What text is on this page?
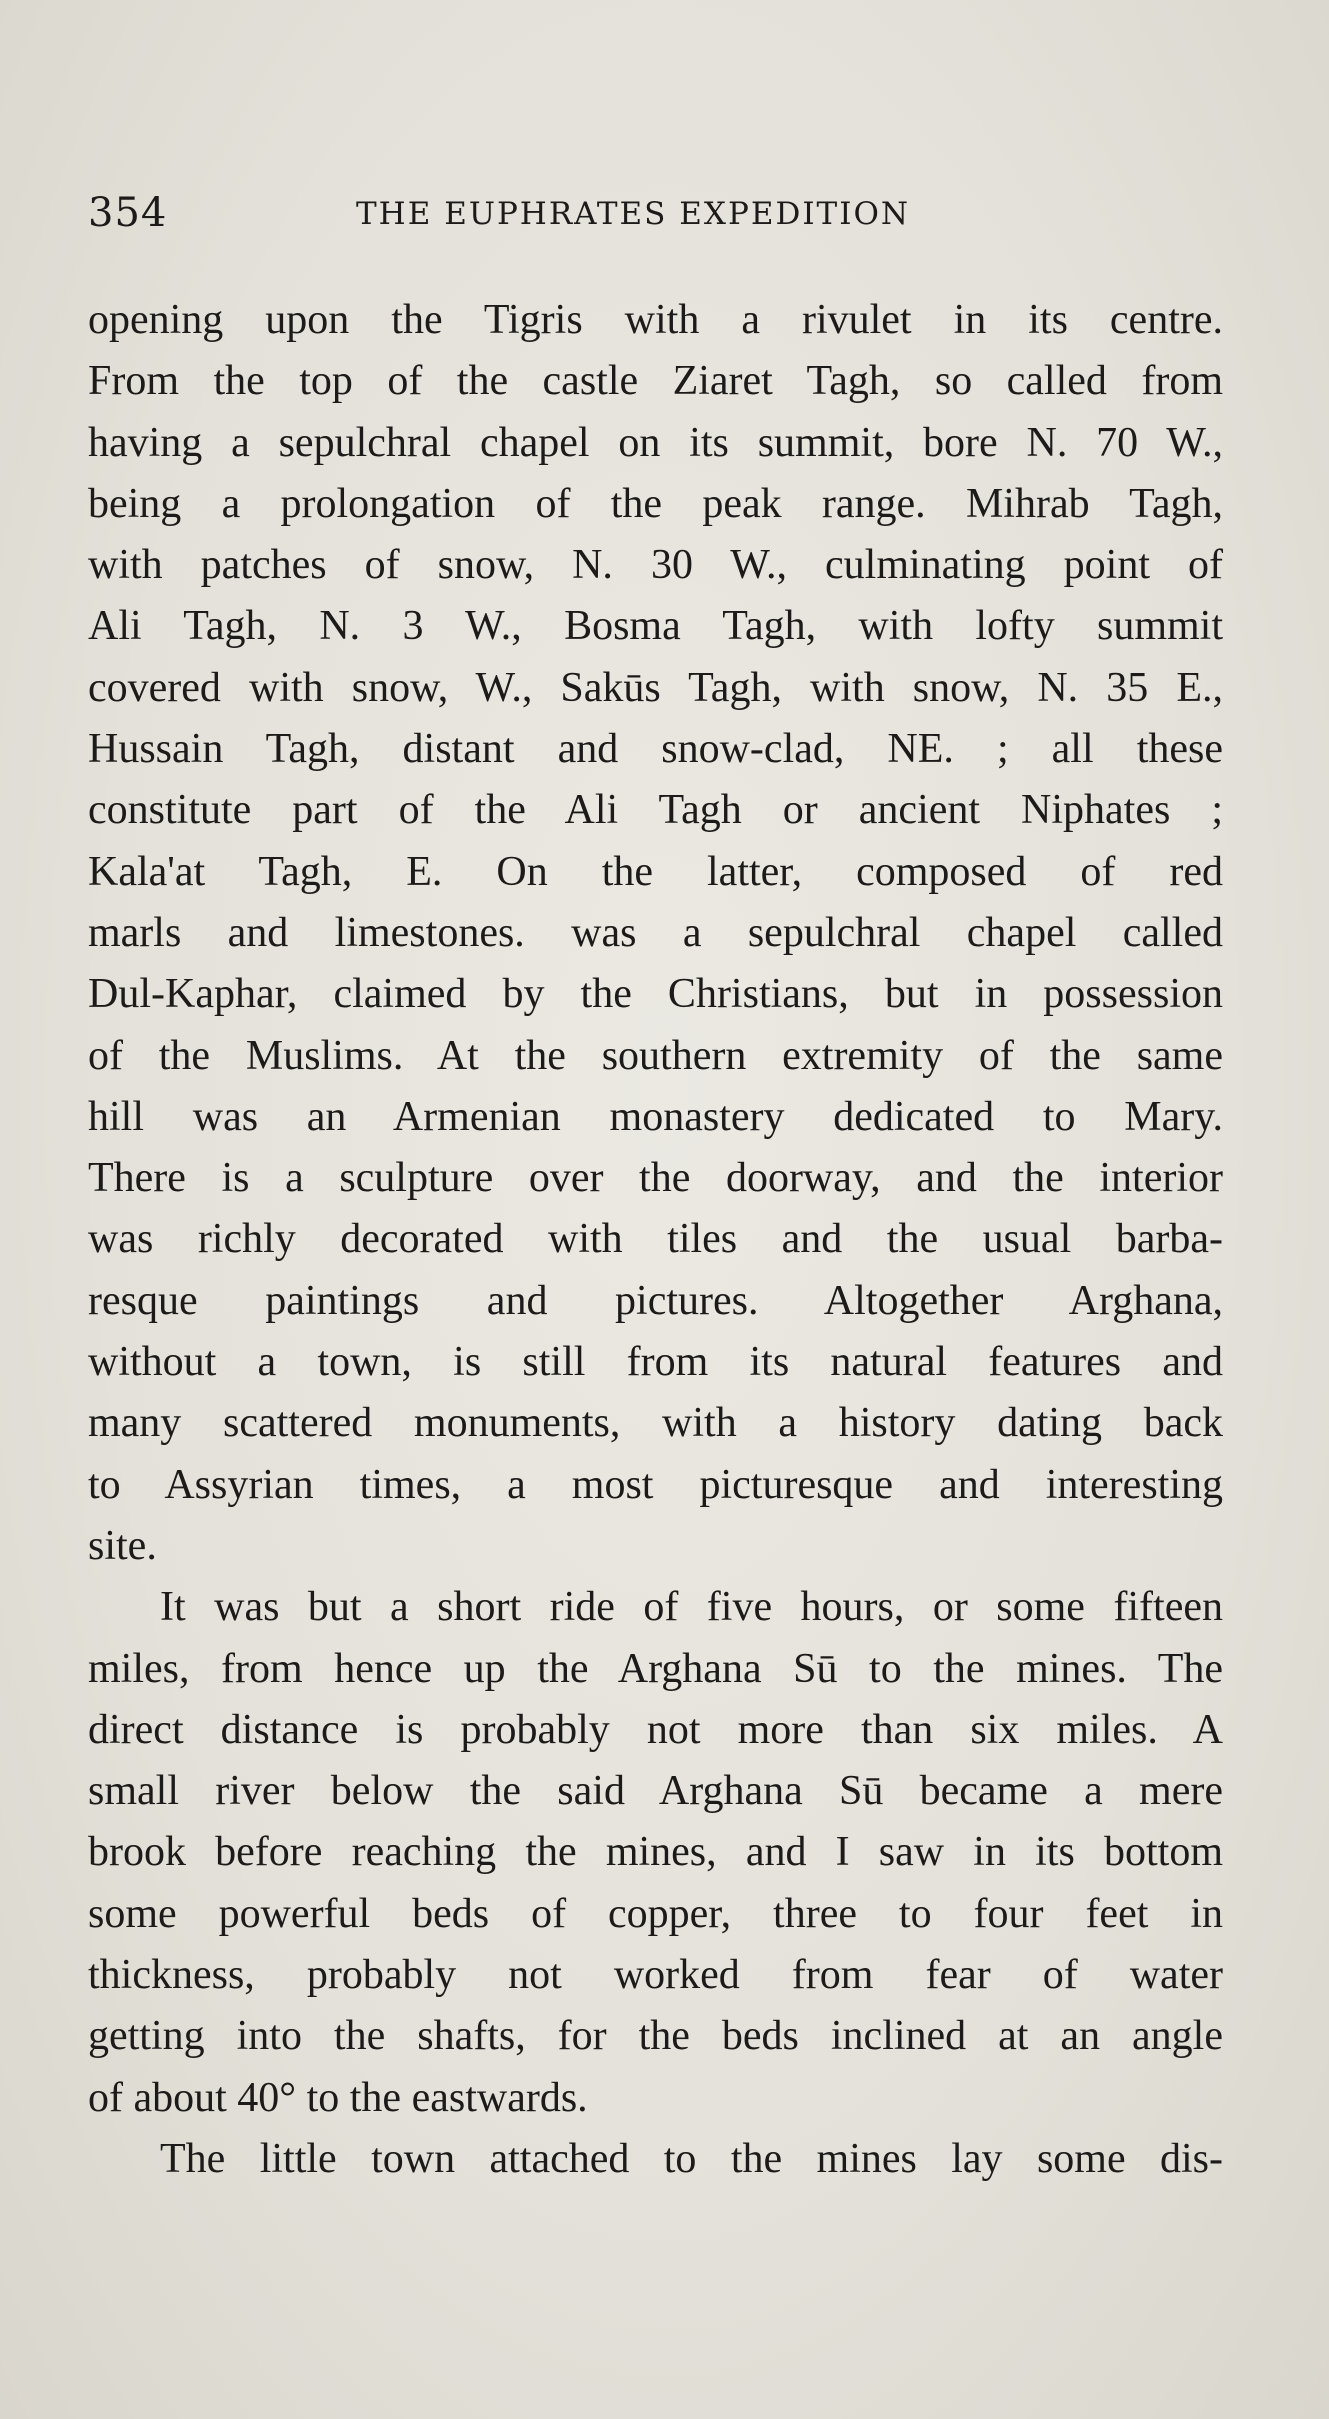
354	THE EUPHRATES EXPEDITION
opening upon the Tigris with a rivulet in its centre.
From the top of the castle Ziaret Tagh, so called from
having a sepulchral chapel on its summit, bore N. 70 W.,
being a prolongation of the peak range. Mihrab Tagh,
with patches of snow, N. 30 W., culminating point of
Ali Tagh, N. 3 W., Bosma Tagh, with lofty summit
covered with snow, W., Sakūs Tagh, with snow, N. 35 E.,
Hussain Tagh, distant and snow-clad, NE. ; all these
constitute part of the Ali Tagh or ancient Niphates ;
Kala'at Tagh, E. On the latter, composed of red
marls and limestones. was a sepulchral chapel called
Dul-Kaphar, claimed by the Christians, but in possession
of the Muslims. At the southern extremity of the same
hill was an Armenian monastery dedicated to Mary.
There is a sculpture over the doorway, and the interior
was richly decorated with tiles and the usual barba-
resque paintings and pictures. Altogether Arghana,
without a town, is still from its natural features and
many scattered monuments, with a history dating back
to Assyrian times, a most picturesque and interesting
site.
It was but a short ride of five hours, or some fifteen
miles, from hence up the Arghana Sū to the mines. The
direct distance is probably not more than six miles. A
small river below the said Arghana Sū became a mere
brook before reaching the mines, and I saw in its bottom
some powerful beds of copper, three to four feet in
thickness, probably not worked from fear of water
getting into the shafts, for the beds inclined at an angle
of about 40° to the eastwards.
The little town attached to the mines lay some dis-
